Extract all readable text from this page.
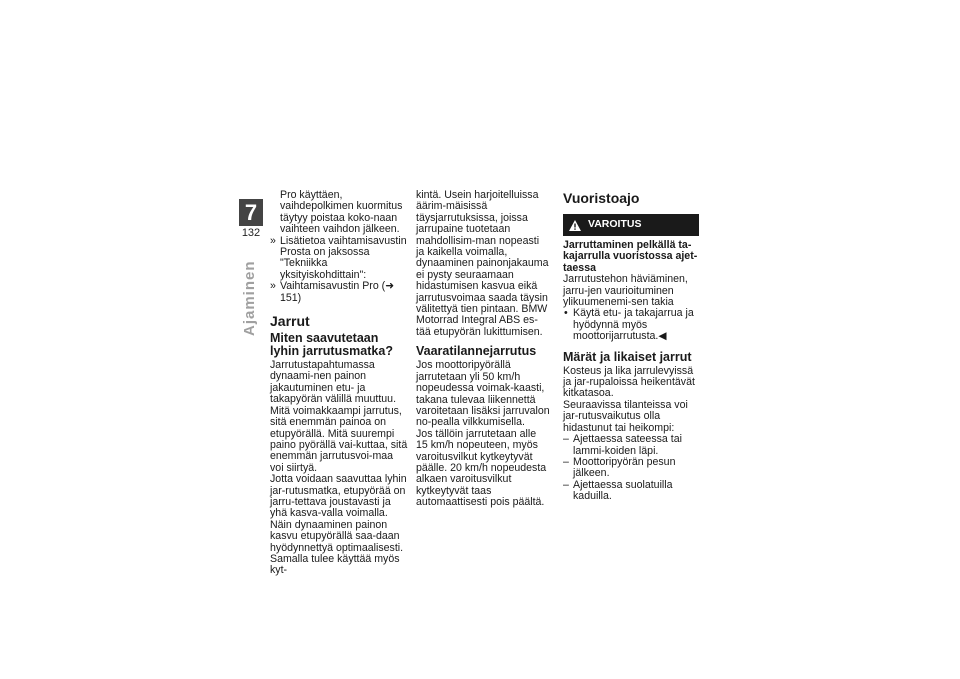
7
132
Ajaminen

Pro käyttäen, vaihdepolkimen kuormitus täytyy poistaa koko-naan vaihteen vaihdon jälkeen.

» Lisätietoa vaihtamisavustin Prosta on jaksossa "Tekniikka yksityiskohdittain":
» Vaihtamisavustin Pro (➜ 151)
Jarrut
Miten saavutetaan lyhin jarrutusmatka?

Jarrutustapahtumassa dynaami-nen painon jakautuminen etu- ja takapyörän välillä muuttuu. Mitä voimakkaampi jarrutus, sitä enemmän painoa on etupyörällä. Mitä suurempi paino pyörällä vai-kuttaa, sitä enemmän jarrutusvoi-maa voi siirtyä.

Jotta voidaan saavuttaa lyhin jar-rutusmatka, etupyörää on jarru-tettava joustavasti ja yhä kasva-valla voimalla. Näin dynaaminen painon kasvu etupyörällä saa-daan hyödynnettyä optimaalisesti. Samalla tulee käyttää myös kyt-

kintä. Usein harjoitelluissa äärim-mäisissä täysjarrutuksissa, joissa jarrupaine tuotetaan mahdollisim-man nopeasti ja kaikella voimalla, dynaaminen painonjakauma ei pysty seuraamaan hidastumisen kasvua eikä jarrutusvoimaa saada täysin välitettyä tien pintaan. BMW Motorrad Integral ABS es-tää etupyörän lukittumisen.

Vaaratilannejarrutus

Jos moottoripyörällä jarrutetaan yli 50 km/h nopeudessa voimak-kaasti, takana tulevaa liikennettä varoitetaan lisäksi jarruvalon no-pealla vilkkumisella.

Jos tällöin jarrutetaan alle 15 km/h nopeuteen, myös varoitusvilkut kytkeytyvät päälle. 20 km/h nopeudesta alkaen varoitusvilkut kytkeytyvät taas automaattisesti pois päältä.

Vuoristoajo
VAROITUS
Jarruttaminen pelkällä ta-kajarrulla vuoristossa ajet-taessa

Jarrutustehon häviäminen, jarru-jen vaurioituminen ylikuumenemi-sen takia

• Käytä etu- ja takajarrua ja hyödynnä myös moottorijarrutusta.◀
Märät ja likaiset jarrut

Kosteus ja lika jarrulevyissä ja jar-rupaloissa heikentävät kitkatasoa.

Seuraavissa tilanteissa voi jar-rutusvaikutus olla hidastunut tai heikompi:

– Ajettaessa sateessa tai lammi-koiden läpi.
– Moottoripyörän pesun jälkeen.
– Ajettaessa suolatuilla kaduilla.
